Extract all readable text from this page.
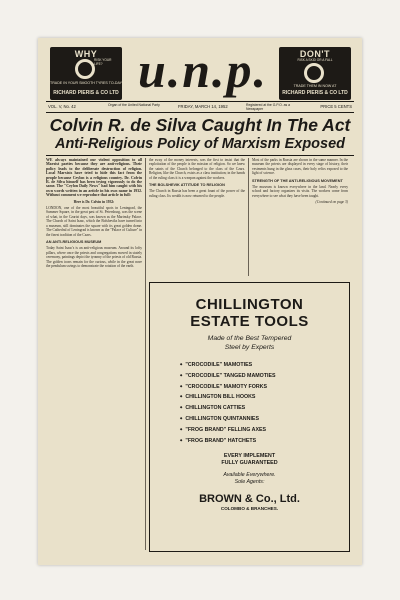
WHY
RISK YOUR LIFE?
TRADE IN YOUR SMOOTH TYRES TO-DAY
RICHARD PIERIS & CO LTD u.n.p.	DON'T
RISK A SKID OR A FALL
TRADE THEM IN NOW AT
RICHARD PIERIS & CO LTD
VOL. V, No. 42	Organ of the United National Party	FRIDAY, MARCH 14, 1952	Registered at the G.P.O. as a Newspaper	PRICE 5 CENTS
Colvin R. de Silva Caught In The Act
Anti-Religious Policy of Marxism Exposed

WE always maintained our violent opposition to all Marxist parties because they are anti-religious. Their policy leads to the deliberate destruction of religion. Local Marxists have tried to hide this fact from the people because Ceylon is a religious country. Dr. Colvin R. de Silva himself has been trying vigorously to do the same. The "Ceylon Daily News" had him caught with his own words written in an article in his own name in 1932. Without comment we reproduce that article in full:

Here is Dr. Colvin in 1932:

LONDON, one of the most beautiful spots in Leningrad, the Summer Square, in the great past of St. Petersburg, was the scene of what, in the Czarist days, was known as the Marinsky Palace. The Church of Saint Isaac, which the Bolsheviks have turned into a museum, still dominates the square with its great golden dome. The Cathedral of Leningrad is known as the "Palace of Culture" in the finest tradition of the Czars.

AN ANTI-RELIGIOUS MUSEUM

Today Saint Isaac's is an anti-religious museum. Around its lofty pillars, where once the priests and congregations moved in stately ceremony, paintings depict the tyranny of the priests of old Russia. The golden icons remain for the curious, while in the great nave the pendulum swings to demonstrate the rotation of the earth.

the sway of the money interests, was the first to insist that the exploitation of the people is the mission of religion. So we knew the saints of the Church belonged to the class of the Czars. Religion, like the Church, exists as a class institution; in the hands of the ruling class it is a weapon against the workers.

THE BOLSHEVIK ATTITUDE TO RELIGION

The Church in Russia has been a great fount of the power of the ruling class. Its wealth is now returned to the people.

Most of the parks in Russia are shown in the same manner. In the museum the priests are displayed in every stage of history, their vestments hung in the glass cases, their holy relics exposed to the light of science.

STRENGTH OF THE ANTI-RELIGIOUS MOVEMENT

The museum is known everywhere in the land. Nearly every school and factory organizes its visits. The workers come from everywhere to see what they have been taught.

(Continued on page 3)

CHILLINGTON
ESTATE TOOLS
Made of the Best Tempered
Steel by Experts
◆ "CROCODILE" MAMOTIES
◆ "CROCODILE" TANGED MAMOTIES
◆ "CROCODILE" MAMOTY FORKS
◆ CHILLINGTON BILL HOOKS
◆ CHILLINGTON CATTIES
◆ CHILLINGTON QUINTANNIES
◆ "FROG BRAND" FELLING AXES
◆ "FROG BRAND" HATCHETS
EVERY IMPLEMENT
FULLY GUARANTEED
Available Everywhere.
Sole Agents:
BROWN & Co., Ltd.
COLOMBO & BRANCHES.
